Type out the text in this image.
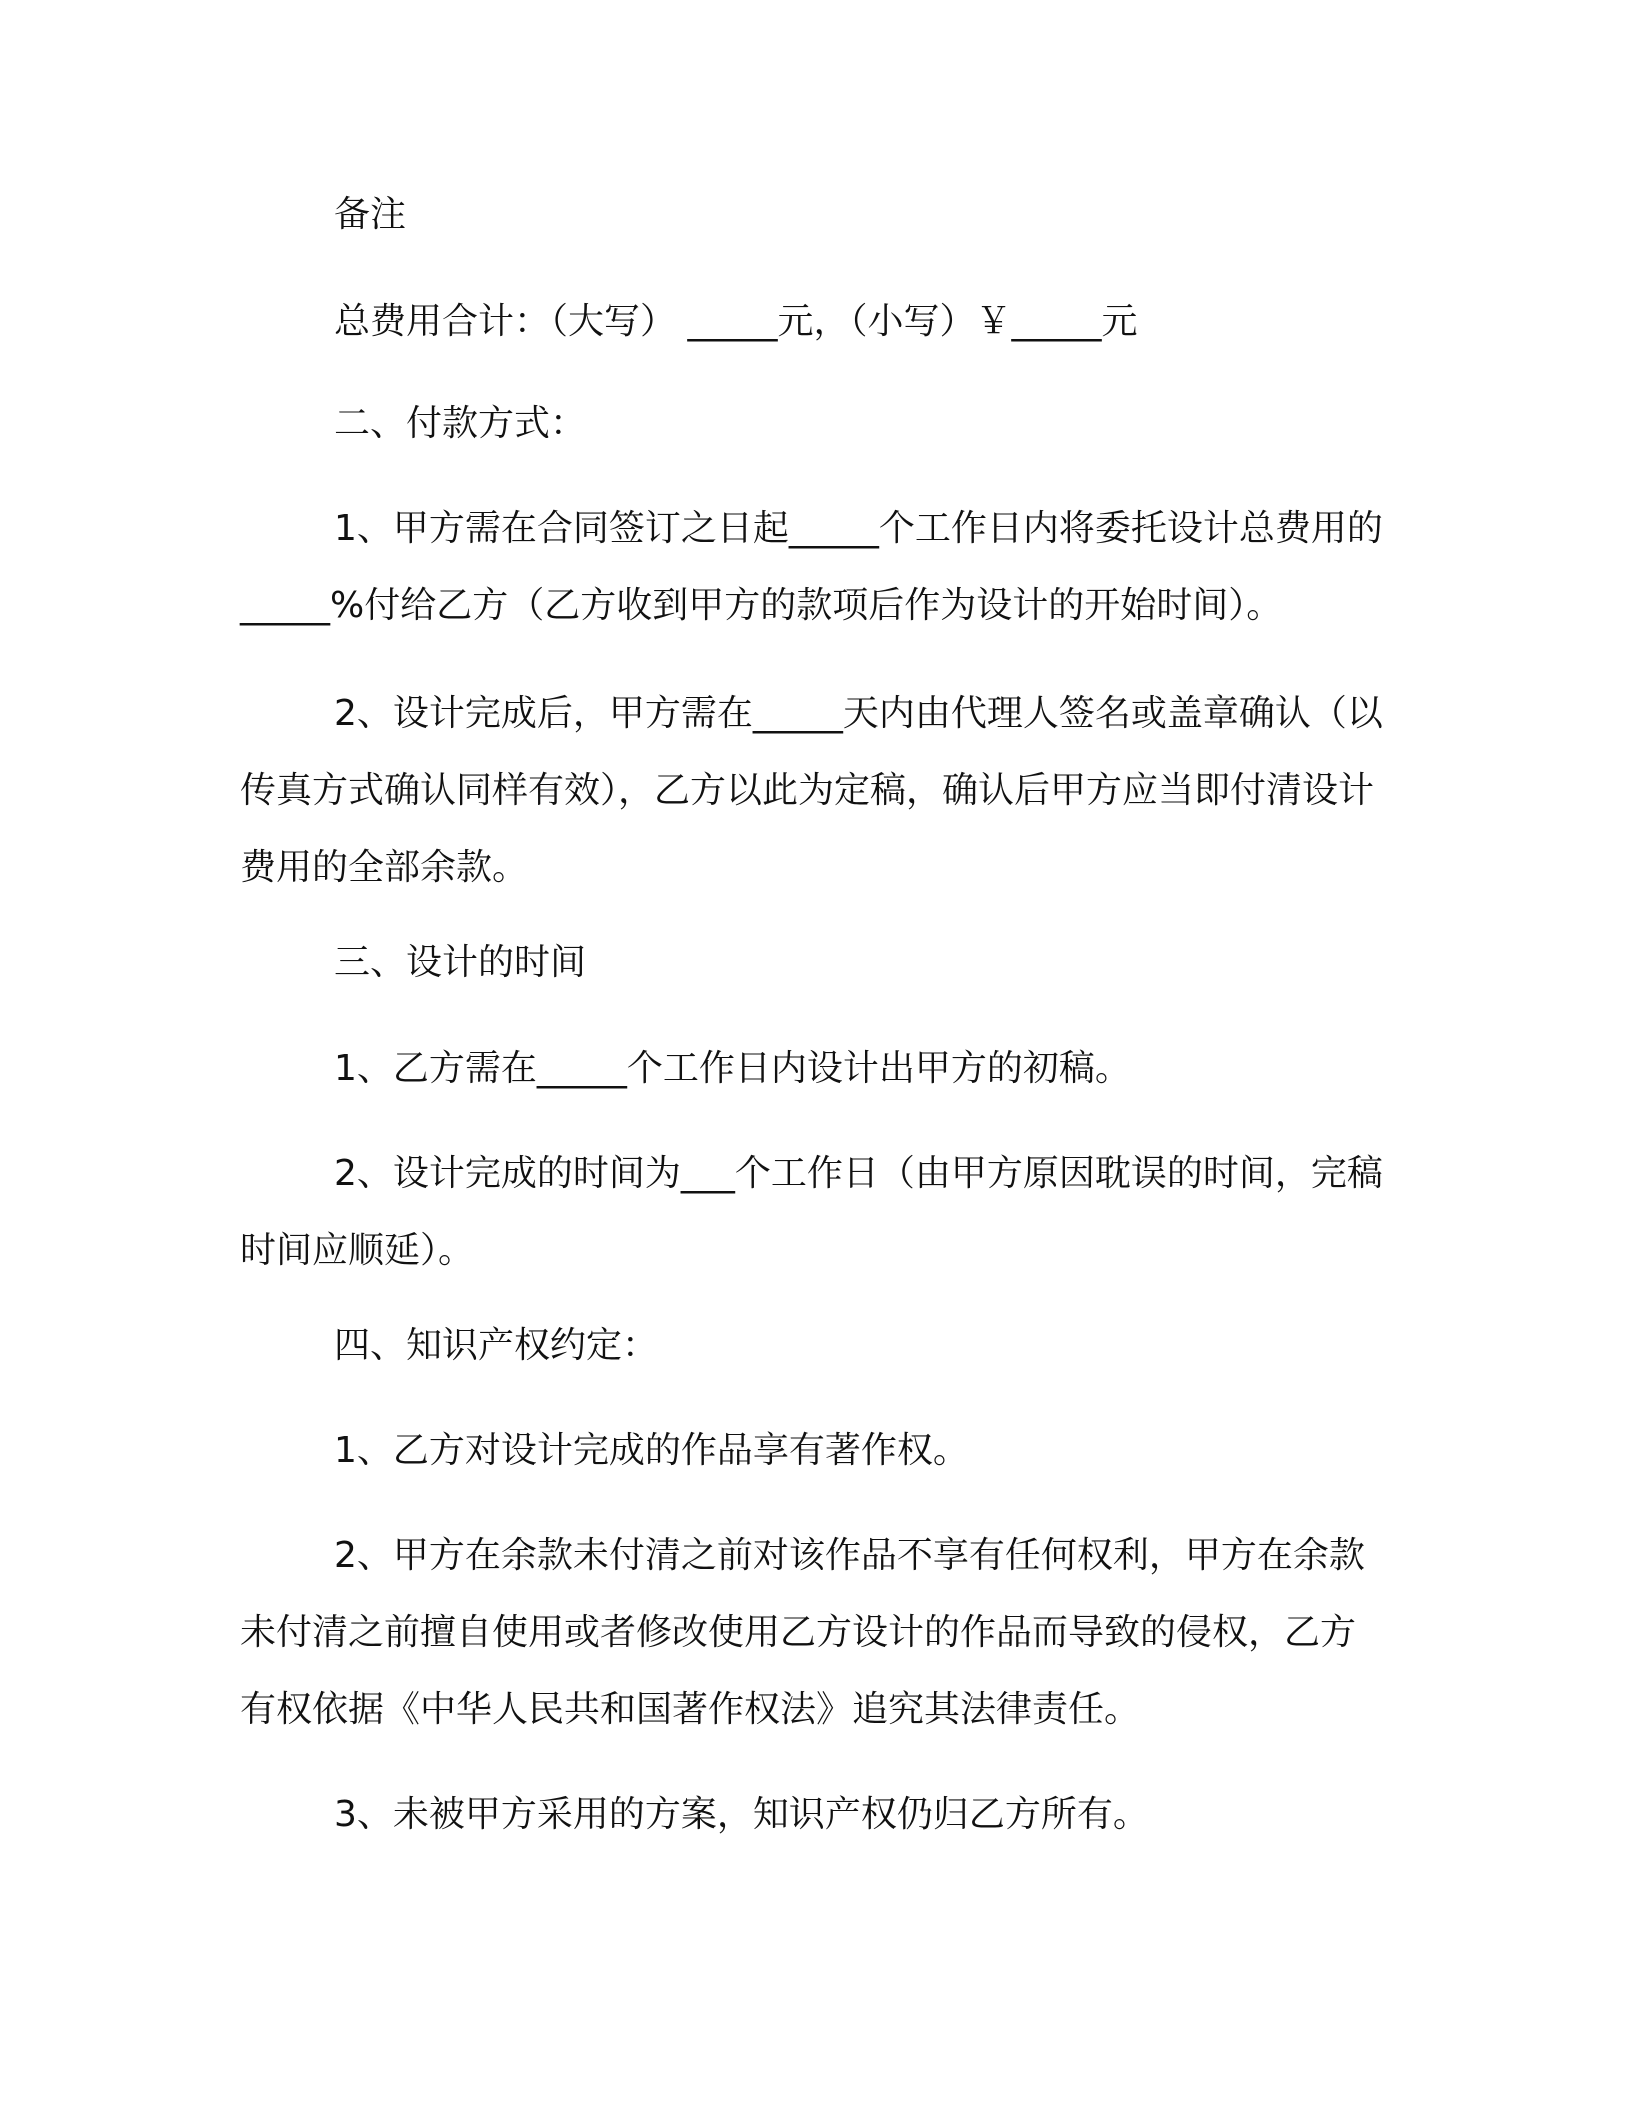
备注

总费用合计：（大写） _____元，（小写）￥_____元

二、付款方式：

1、甲方需在合同签订之日起_____个工作日内将委托设计总费用的_____%付给乙方（乙方收到甲方的款项后作为设计的开始时间）。

2、设计完成后，甲方需在_____天内由代理人签名或盖章确认（以传真方式确认同样有效），乙方以此为定稿，确认后甲方应当即付清设计费用的全部余款。

三、设计的时间

1、乙方需在_____个工作日内设计出甲方的初稿。

2、设计完成的时间为___个工作日（由甲方原因耽误的时间，完稿时间应顺延）。

四、知识产权约定：

1、乙方对设计完成的作品享有著作权。

2、甲方在余款未付清之前对该作品不享有任何权利，甲方在余款未付清之前擅自使用或者修改使用乙方设计的作品而导致的侵权，乙方有权依据《中华人民共和国著作权法》追究其法律责任。

3、未被甲方采用的方案，知识产权仍归乙方所有。
